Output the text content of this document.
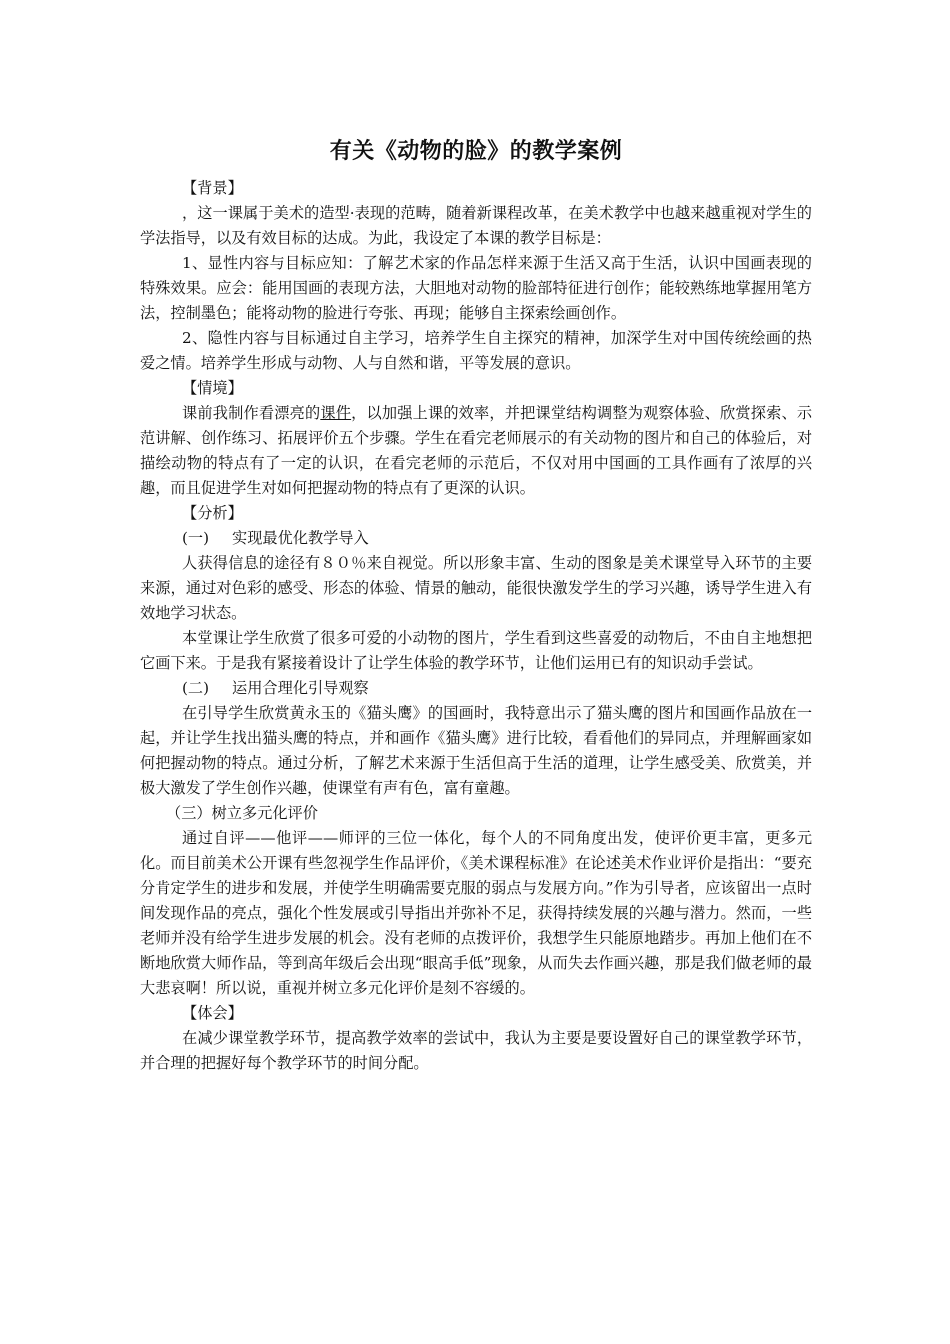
有关《动物的脸》的教学案例

【背景】

，这一课属于美术的造型·表现的范畴，随着新课程改革，在美术教学中也越来越重视对学生的学法指导，以及有效目标的达成。为此，我设定了本课的教学目标是：

1、显性内容与目标应知：了解艺术家的作品怎样来源于生活又高于生活，认识中国画表现的特殊效果。应会：能用国画的表现方法，大胆地对动物的脸部特征进行创作；能较熟练地掌握用笔方法，控制墨色；能将动物的脸进行夸张、再现；能够自主探索绘画创作。

2、隐性内容与目标通过自主学习，培养学生自主探究的精神，加深学生对中国传统绘画的热爱之情。培养学生形成与动物、人与自然和谐，平等发展的意识。

【情境】

课前我制作看漂亮的课件，以加强上课的效率，并把课堂结构调整为观察体验、欣赏探索、示范讲解、创作练习、拓展评价五个步骤。学生在看完老师展示的有关动物的图片和自己的体验后，对描绘动物的特点有了一定的认识，在看完老师的示范后，不仅对用中国画的工具作画有了浓厚的兴趣，而且促进学生对如何把握动物的特点有了更深的认识。

【分析】

(一) 实现最优化教学导入

人获得信息的途径有８０％来自视觉。所以形象丰富、生动的图象是美术课堂导入环节的主要来源，通过对色彩的感受、形态的体验、情景的触动，能很快激发学生的学习兴趣，诱导学生进入有效地学习状态。

本堂课让学生欣赏了很多可爱的小动物的图片，学生看到这些喜爱的动物后，不由自主地想把它画下来。于是我有紧接着设计了让学生体验的教学环节，让他们运用已有的知识动手尝试。

(二) 运用合理化引导观察

在引导学生欣赏黄永玉的《猫头鹰》的国画时，我特意出示了猫头鹰的图片和国画作品放在一起，并让学生找出猫头鹰的特点，并和画作《猫头鹰》进行比较，看看他们的异同点，并理解画家如何把握动物的特点。通过分析，了解艺术来源于生活但高于生活的道理，让学生感受美、欣赏美，并极大激发了学生创作兴趣，使课堂有声有色，富有童趣。

（三）树立多元化评价

通过自评——他评——师评的三位一体化，每个人的不同角度出发，使评价更丰富，更多元化。而目前美术公开课有些忽视学生作品评价，《美术课程标准》在论述美术作业评价是指出：“要充分肯定学生的进步和发展，并使学生明确需要克服的弱点与发展方向。”作为引导者，应该留出一点时间发现作品的亮点，强化个性发展或引导指出并弥补不足，获得持续发展的兴趣与潜力。然而，一些老师并没有给学生进步发展的机会。没有老师的点拨评价，我想学生只能原地踏步。再加上他们在不断地欣赏大师作品，等到高年级后会出现“眼高手低”现象，从而失去作画兴趣，那是我们做老师的最大悲哀啊！所以说，重视并树立多元化评价是刻不容缓的。

【体会】

在减少课堂教学环节，提高教学效率的尝试中，我认为主要是要设置好自己的课堂教学环节，并合理的把握好每个教学环节的时间分配。
